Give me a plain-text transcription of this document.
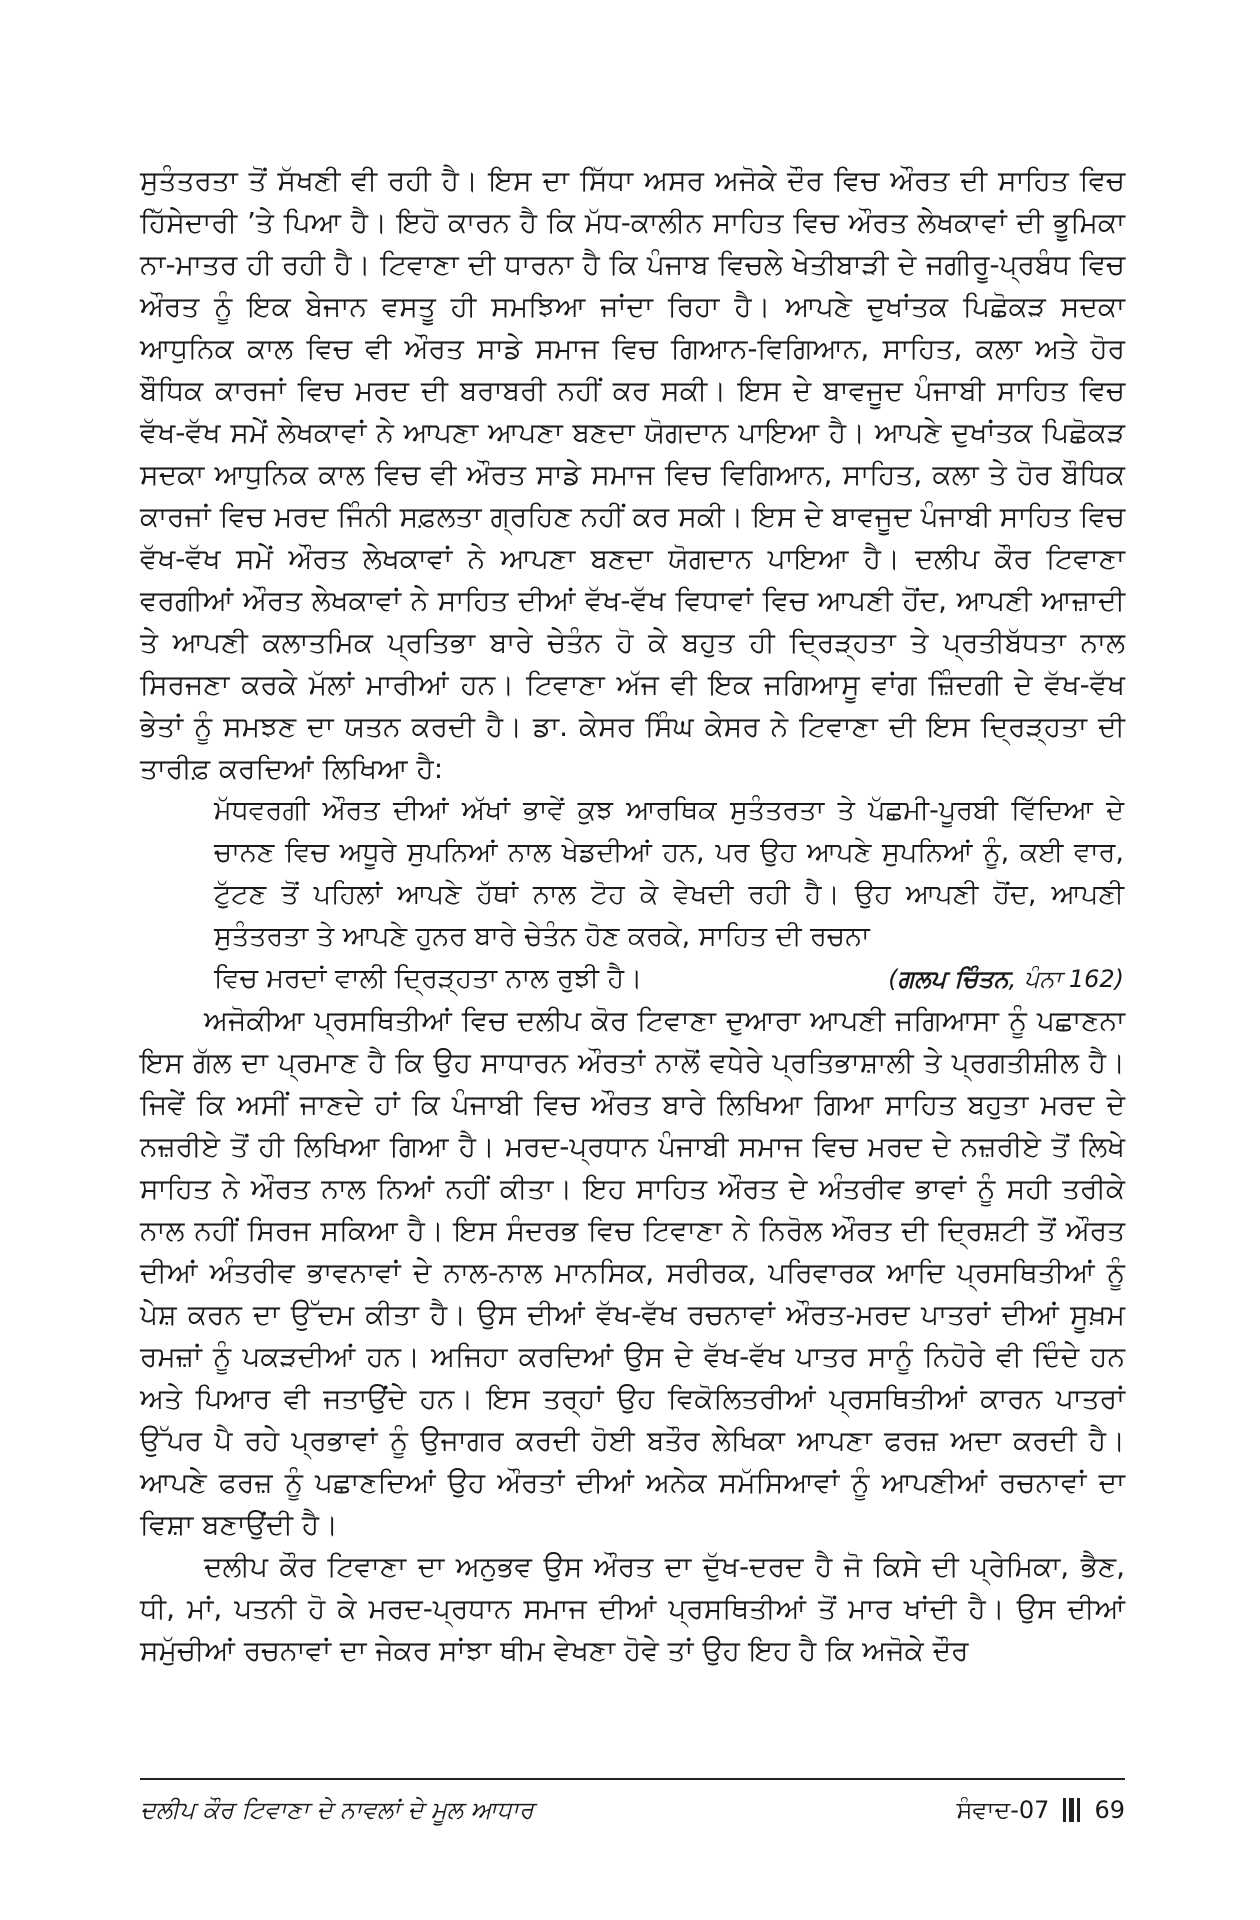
ਸੁਤੰਤਰਤਾ ਤੋਂ ਸੱਖਣੀ ਵੀ ਰਹੀ ਹੈ। ਇਸ ਦਾ ਸਿੱਧਾ ਅਸਰ ਅਜੋਕੇ ਦੌਰ ਵਿਚ ਔਰਤ ਦੀ ਸਾਹਿਤ ਵਿਚ ਹਿੱਸੇਦਾਰੀ ’ਤੇ ਪਿਆ ਹੈ। ਇਹੋ ਕਾਰਨ ਹੈ ਕਿ ਮੱਧ-ਕਾਲੀਨ ਸਾਹਿਤ ਵਿਚ ਔਰਤ ਲੇਖਕਾਵਾਂ ਦੀ ਭੂਮਿਕਾ ਨਾ-ਮਾਤਰ ਹੀ ਰਹੀ ਹੈ। ਟਿਵਾਣਾ ਦੀ ਧਾਰਨਾ ਹੈ ਕਿ ਪੰਜਾਬ ਵਿਚਲੇ ਖੇਤੀਬਾੜੀ ਦੇ ਜਗੀਰੂ-ਪ੍ਰਬੰਧ ਵਿਚ ਔਰਤ ਨੂੰ ਇਕ ਬੇਜਾਨ ਵਸਤੂ ਹੀ ਸਮਝਿਆ ਜਾਂਦਾ ਰਿਹਾ ਹੈ। ਆਪਣੇ ਦੁਖਾਂਤਕ ਪਿਛੋਕੜ ਸਦਕਾ ਆਧੁਨਿਕ ਕਾਲ ਵਿਚ ਵੀ ਔਰਤ ਸਾਡੇ ਸਮਾਜ ਵਿਚ ਗਿਆਨ-ਵਿਗਿਆਨ, ਸਾਹਿਤ, ਕਲਾ ਅਤੇ ਹੋਰ ਬੌਧਿਕ ਕਾਰਜਾਂ ਵਿਚ ਮਰਦ ਦੀ ਬਰਾਬਰੀ ਨਹੀਂ ਕਰ ਸਕੀ। ਇਸ ਦੇ ਬਾਵਜੂਦ ਪੰਜਾਬੀ ਸਾਹਿਤ ਵਿਚ ਵੱਖ-ਵੱਖ ਸਮੇਂ ਲੇਖਕਾਵਾਂ ਨੇ ਆਪਣਾ ਆਪਣਾ ਬਣਦਾ ਯੋਗਦਾਨ ਪਾਇਆ ਹੈ। ਆਪਣੇ ਦੁਖਾਂਤਕ ਪਿਛੋਕੜ ਸਦਕਾ ਆਧੁਨਿਕ ਕਾਲ ਵਿਚ ਵੀ ਔਰਤ ਸਾਡੇ ਸਮਾਜ ਵਿਚ ਵਿਗਿਆਨ, ਸਾਹਿਤ, ਕਲਾ ਤੇ ਹੋਰ ਬੌਧਿਕ ਕਾਰਜਾਂ ਵਿਚ ਮਰਦ ਜਿੰਨੀ ਸਫ਼ਲਤਾ ਗ੍ਰਹਿਣ ਨਹੀਂ ਕਰ ਸਕੀ। ਇਸ ਦੇ ਬਾਵਜੂਦ ਪੰਜਾਬੀ ਸਾਹਿਤ ਵਿਚ ਵੱਖ-ਵੱਖ ਸਮੇਂ ਔਰਤ ਲੇਖਕਾਵਾਂ ਨੇ ਆਪਣਾ ਬਣਦਾ ਯੋਗਦਾਨ ਪਾਇਆ ਹੈ। ਦਲੀਪ ਕੌਰ ਟਿਵਾਣਾ ਵਰਗੀਆਂ ਔਰਤ ਲੇਖਕਾਵਾਂ ਨੇ ਸਾਹਿਤ ਦੀਆਂ ਵੱਖ-ਵੱਖ ਵਿਧਾਵਾਂ ਵਿਚ ਆਪਣੀ ਹੋਂਦ, ਆਪਣੀ ਆਜ਼ਾਦੀ ਤੇ ਆਪਣੀ ਕਲਾਤਮਿਕ ਪ੍ਰਤਿਭਾ ਬਾਰੇ ਚੇਤੰਨ ਹੋ ਕੇ ਬਹੁਤ ਹੀ ਦ੍ਰਿੜ੍ਹਤਾ ਤੇ ਪ੍ਰਤੀਬੱਧਤਾ ਨਾਲ ਸਿਰਜਣਾ ਕਰਕੇ ਮੱਲਾਂ ਮਾਰੀਆਂ ਹਨ। ਟਿਵਾਣਾ ਅੱਜ ਵੀ ਇਕ ਜਗਿਆਸੂ ਵਾਂਗ ਜ਼ਿੰਦਗੀ ਦੇ ਵੱਖ-ਵੱਖ ਭੇਤਾਂ ਨੂੰ ਸਮਝਣ ਦਾ ਯਤਨ ਕਰਦੀ ਹੈ। ਡਾ. ਕੇਸਰ ਸਿੰਘ ਕੇਸਰ ਨੇ ਟਿਵਾਣਾ ਦੀ ਇਸ ਦ੍ਰਿੜ੍ਹਤਾ ਦੀ ਤਾਰੀਫ਼ ਕਰਦਿਆਂ ਲਿਖਿਆ ਹੈ:

ਮੱਧਵਰਗੀ ਔਰਤ ਦੀਆਂ ਅੱਖਾਂ ਭਾਵੇਂ ਕੁਝ ਆਰਥਿਕ ਸੁਤੰਤਰਤਾ ਤੇ ਪੱਛਮੀ-ਪੂਰਬੀ ਵਿੱਦਿਆ ਦੇ ਚਾਨਣ ਵਿਚ ਅਧੂਰੇ ਸੁਪਨਿਆਂ ਨਾਲ ਖੇਡਦੀਆਂ ਹਨ, ਪਰ ਉਹ ਆਪਣੇ ਸੁਪਨਿਆਂ ਨੂੰ, ਕਈ ਵਾਰ, ਟੁੱਟਣ ਤੋਂ ਪਹਿਲਾਂ ਆਪਣੇ ਹੱਥਾਂ ਨਾਲ ਟੋਹ ਕੇ ਵੇਖਦੀ ਰਹੀ ਹੈ। ਉਹ ਆਪਣੀ ਹੋਂਦ, ਆਪਣੀ ਸੁਤੰਤਰਤਾ ਤੇ ਆਪਣੇ ਹੁਨਰ ਬਾਰੇ ਚੇਤੰਨ ਹੋਣ ਕਰਕੇ, ਸਾਹਿਤ ਦੀ ਰਚਨਾ
ਵਿਚ ਮਰਦਾਂ ਵਾਲੀ ਦ੍ਰਿੜ੍ਹਤਾ ਨਾਲ ਰੁਝੀ ਹੈ।	(ਗਲਪ ਚਿੰਤਨ, ਪੰਨਾ 162)

ਅਜੋਕੀਆ ਪ੍ਰਸਥਿਤੀਆਂ ਵਿਚ ਦਲੀਪ ਕੋਰ ਟਿਵਾਣਾ ਦੁਆਰਾ ਆਪਣੀ ਜਗਿਆਸਾ ਨੂੰ ਪਛਾਣਨਾ ਇਸ ਗੱਲ ਦਾ ਪ੍ਰਮਾਣ ਹੈ ਕਿ ਉਹ ਸਾਧਾਰਨ ਔਰਤਾਂ ਨਾਲੋਂ ਵਧੇਰੇ ਪ੍ਰਤਿਭਾਸ਼ਾਲੀ ਤੇ ਪ੍ਰਗਤੀਸ਼ੀਲ ਹੈ। ਜਿਵੇਂ ਕਿ ਅਸੀਂ ਜਾਣਦੇ ਹਾਂ ਕਿ ਪੰਜਾਬੀ ਵਿਚ ਔਰਤ ਬਾਰੇ ਲਿਖਿਆ ਗਿਆ ਸਾਹਿਤ ਬਹੁਤਾ ਮਰਦ ਦੇ ਨਜ਼ਰੀਏ ਤੋਂ ਹੀ ਲਿਖਿਆ ਗਿਆ ਹੈ। ਮਰਦ-ਪ੍ਰਧਾਨ ਪੰਜਾਬੀ ਸਮਾਜ ਵਿਚ ਮਰਦ ਦੇ ਨਜ਼ਰੀਏ ਤੋਂ ਲਿਖੇ ਸਾਹਿਤ ਨੇ ਔਰਤ ਨਾਲ ਨਿਆਂ ਨਹੀਂ ਕੀਤਾ। ਇਹ ਸਾਹਿਤ ਔਰਤ ਦੇ ਅੰਤਰੀਵ ਭਾਵਾਂ ਨੂੰ ਸਹੀ ਤਰੀਕੇ ਨਾਲ ਨਹੀਂ ਸਿਰਜ ਸਕਿਆ ਹੈ। ਇਸ ਸੰਦਰਭ ਵਿਚ ਟਿਵਾਣਾ ਨੇ ਨਿਰੋਲ ਔਰਤ ਦੀ ਦ੍ਰਿਸ਼ਟੀ ਤੋਂ ਔਰਤ ਦੀਆਂ ਅੰਤਰੀਵ ਭਾਵਨਾਵਾਂ ਦੇ ਨਾਲ-ਨਾਲ ਮਾਨਸਿਕ, ਸਰੀਰਕ, ਪਰਿਵਾਰਕ ਆਦਿ ਪ੍ਰਸਥਿਤੀਆਂ ਨੂੰ ਪੇਸ਼ ਕਰਨ ਦਾ ਉੱਦਮ ਕੀਤਾ ਹੈ। ਉਸ ਦੀਆਂ ਵੱਖ-ਵੱਖ ਰਚਨਾਵਾਂ ਔਰਤ-ਮਰਦ ਪਾਤਰਾਂ ਦੀਆਂ ਸੂਖ਼ਮ ਰਮਜ਼ਾਂ ਨੂੰ ਪਕੜਦੀਆਂ ਹਨ। ਅਜਿਹਾ ਕਰਦਿਆਂ ਉਸ ਦੇ ਵੱਖ-ਵੱਖ ਪਾਤਰ ਸਾਨੂੰ ਨਿਹੋਰੇ ਵੀ ਦਿੰਦੇ ਹਨ ਅਤੇ ਪਿਆਰ ਵੀ ਜਤਾਉਂਦੇ ਹਨ। ਇਸ ਤਰ੍ਹਾਂ ਉਹ ਵਿਕੋਲਿਤਰੀਆਂ ਪ੍ਰਸਥਿਤੀਆਂ ਕਾਰਨ ਪਾਤਰਾਂ ਉੱਪਰ ਪੈ ਰਹੇ ਪ੍ਰਭਾਵਾਂ ਨੂੰ ਉਜਾਗਰ ਕਰਦੀ ਹੋਈ ਬਤੌਰ ਲੇਖਿਕਾ ਆਪਣਾ ਫਰਜ਼ ਅਦਾ ਕਰਦੀ ਹੈ। ਆਪਣੇ ਫਰਜ਼ ਨੂੰ ਪਛਾਣਦਿਆਂ ਉਹ ਔਰਤਾਂ ਦੀਆਂ ਅਨੇਕ ਸਮੱਸਿਆਵਾਂ ਨੂੰ ਆਪਣੀਆਂ ਰਚਨਾਵਾਂ ਦਾ ਵਿਸ਼ਾ ਬਣਾਉਂਦੀ ਹੈ।

ਦਲੀਪ ਕੌਰ ਟਿਵਾਣਾ ਦਾ ਅਨੁਭਵ ਉਸ ਔਰਤ ਦਾ ਦੁੱਖ-ਦਰਦ ਹੈ ਜੋ ਕਿਸੇ ਦੀ ਪ੍ਰੇਮਿਕਾ, ਭੈਣ, ਧੀ, ਮਾਂ, ਪਤਨੀ ਹੋ ਕੇ ਮਰਦ-ਪ੍ਰਧਾਨ ਸਮਾਜ ਦੀਆਂ ਪ੍ਰਸਥਿਤੀਆਂ ਤੋਂ ਮਾਰ ਖਾਂਦੀ ਹੈ। ਉਸ ਦੀਆਂ ਸਮੁੱਚੀਆਂ ਰਚਨਾਵਾਂ ਦਾ ਜੇਕਰ ਸਾਂਝਾ ਥੀਮ ਵੇਖਣਾ ਹੋਵੇ ਤਾਂ ਉਹ ਇਹ ਹੈ ਕਿ ਅਜੋਕੇ ਦੌਰ

ਦਲੀਪ ਕੌਰ ਟਿਵਾਣਾ ਦੇ ਨਾਵਲਾਂ ਦੇ ਮੂਲ ਆਧਾਰ	ਸੰਵਾਦ-07 69
